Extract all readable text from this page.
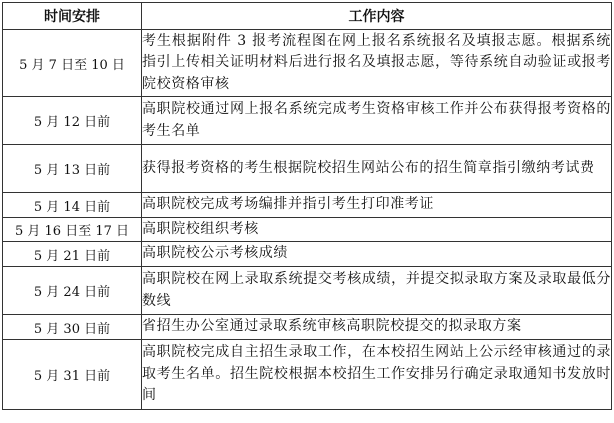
时间安排	工作内容
5 月 7 日至 10 日	考生根据附件 3 报考流程图在网上报名系统报名及填报志愿。根据系统指引上传相关证明材料后进行报名及填报志愿，等待系统自动验证或报考院校资格审核
5 月 12 日前	高职院校通过网上报名系统完成考生资格审核工作并公布获得报考资格的考生名单
5 月 13 日前	获得报考资格的考生根据院校招生网站公布的招生简章指引缴纳考试费
5 月 14 日前	高职院校完成考场编排并指引考生打印准考证
5 月 16 日至 17 日	高职院校组织考核
5 月 21 日前	高职院校公示考核成绩
5 月 24 日前	高职院校在网上录取系统提交考核成绩，并提交拟录取方案及录取最低分数线
5 月 30 日前	省招生办公室通过录取系统审核高职院校提交的拟录取方案
5 月 31 日前	高职院校完成自主招生录取工作，在本校招生网站上公示经审核通过的录取考生名单。招生院校根据本校招生工作安排另行确定录取通知书发放时间
